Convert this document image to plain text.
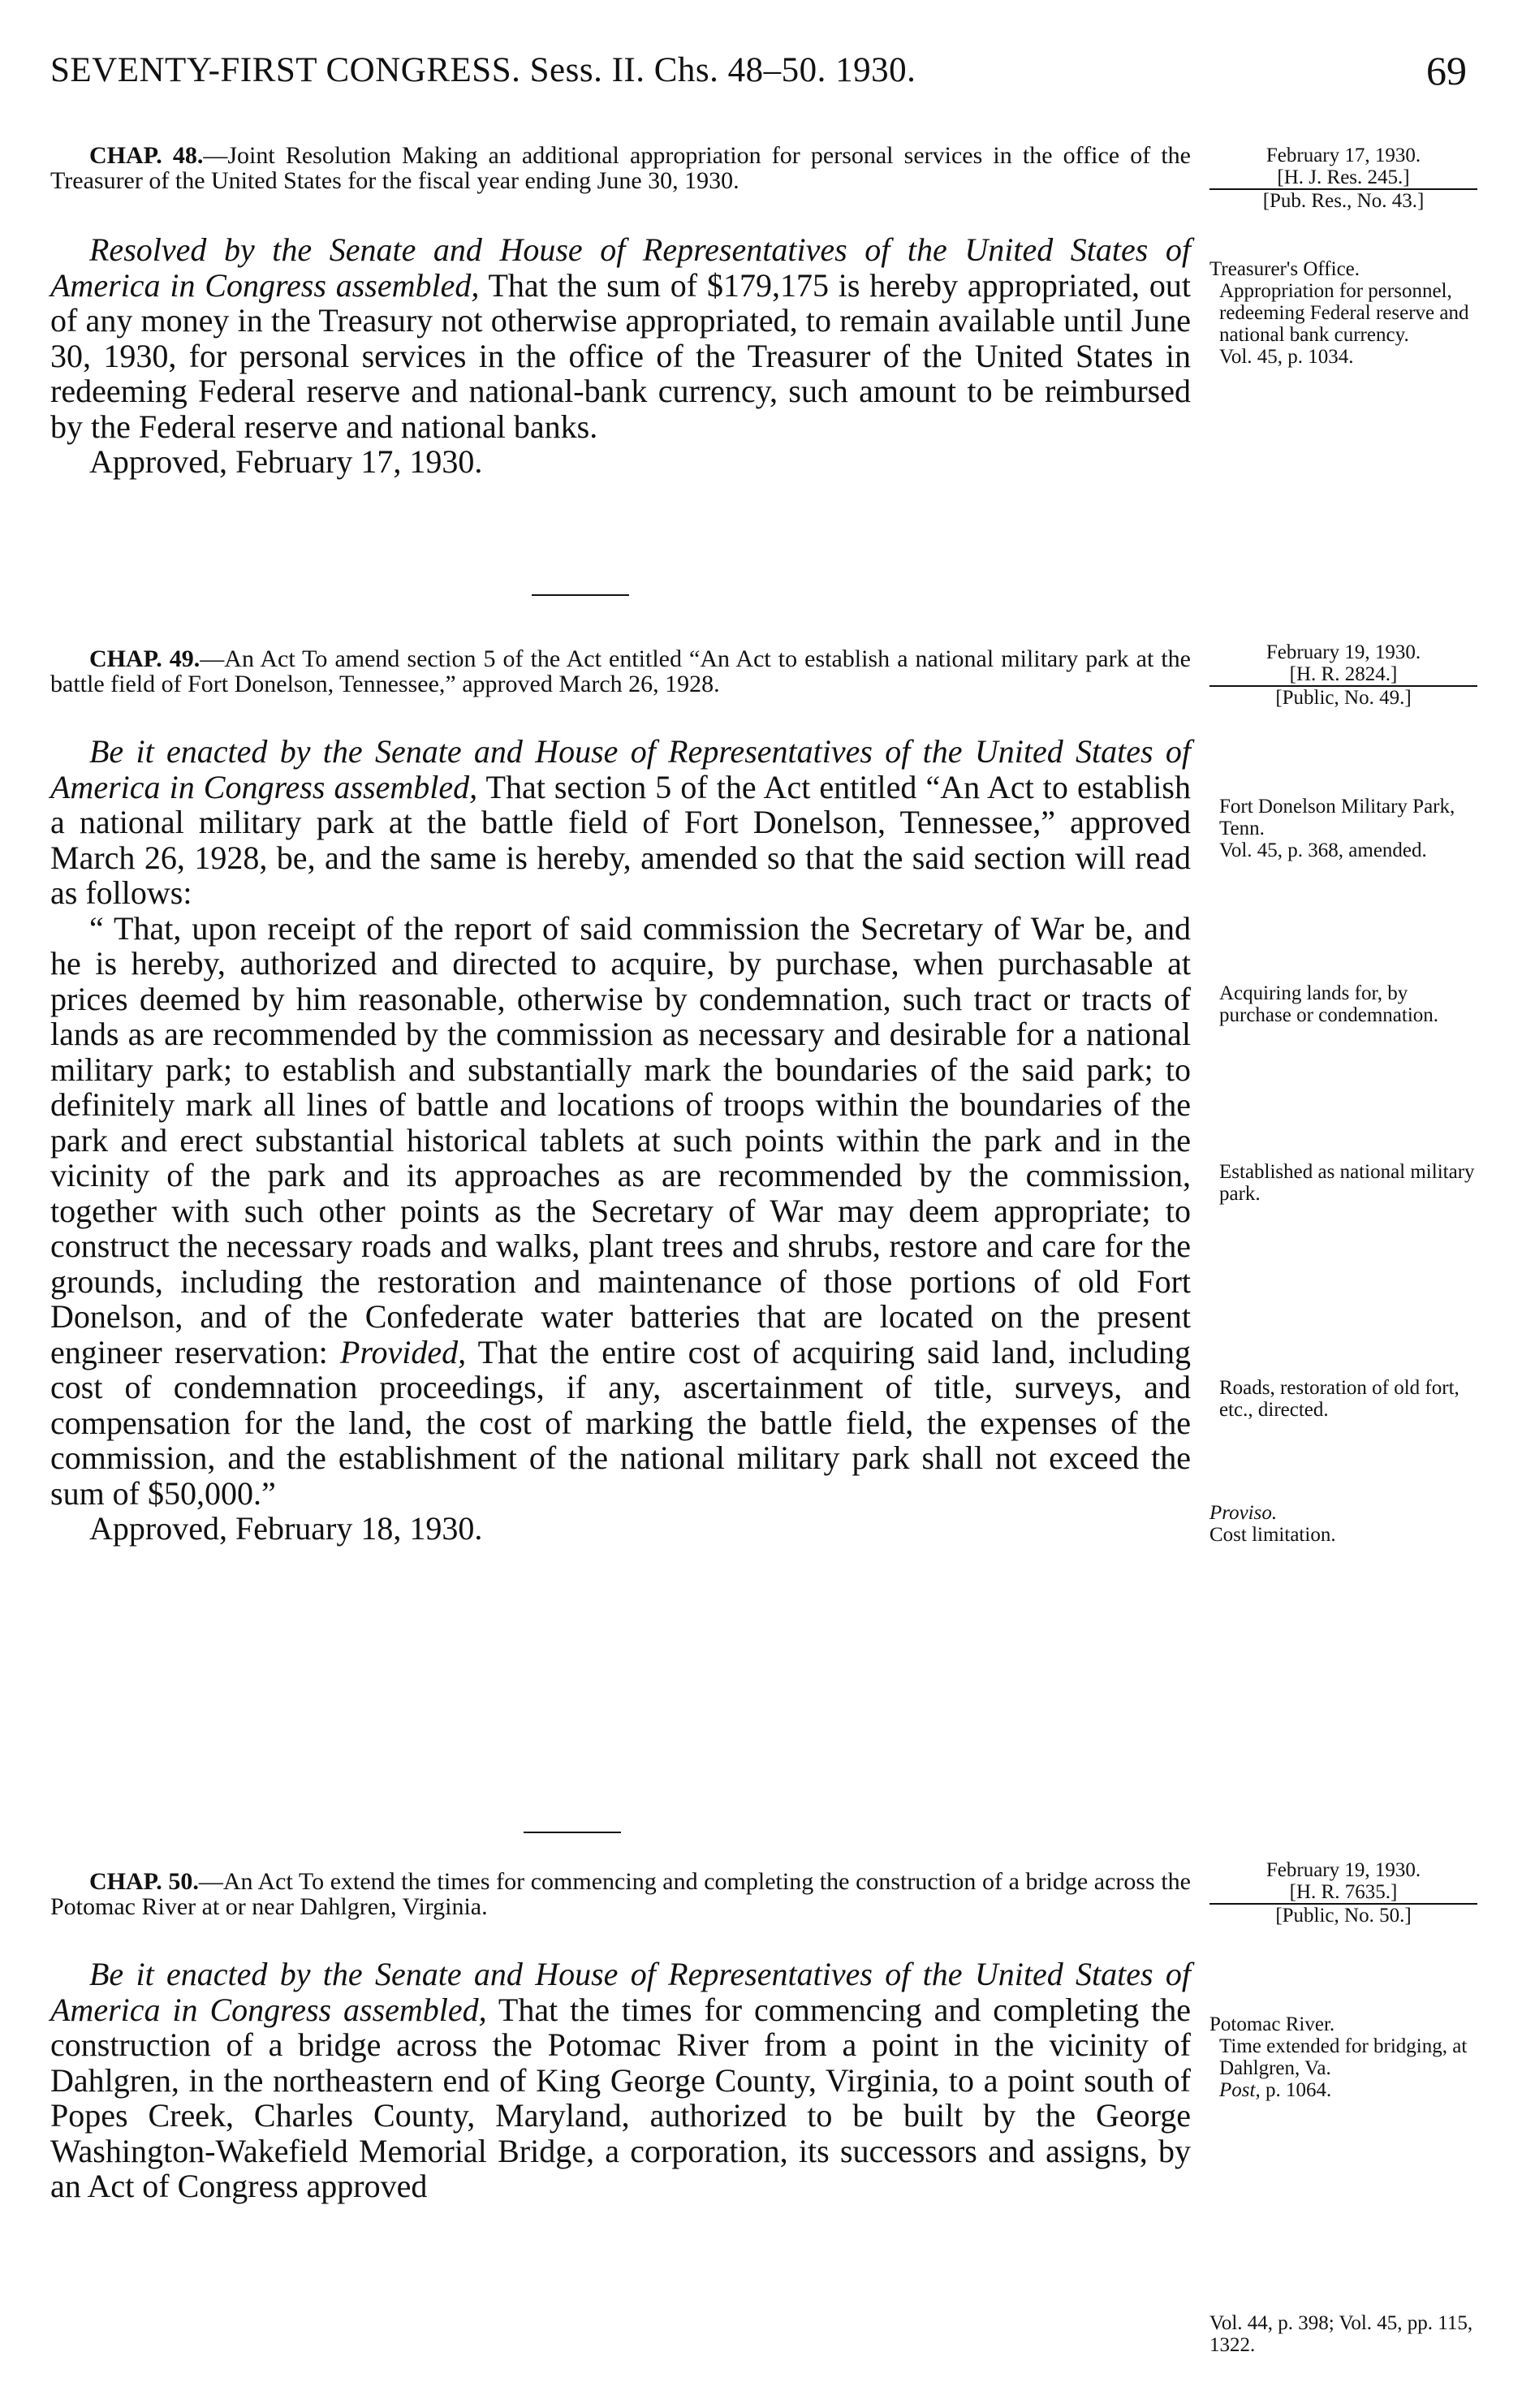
SEVENTY-FIRST CONGRESS. Sess. II. Chs. 48–50. 1930.	69

CHAP. 48.—Joint Resolution Making an additional appropriation for personal services in the office of the Treasurer of the United States for the fiscal year ending June 30, 1930.

Resolved by the Senate and House of Representatives of the United States of America in Congress assembled, That the sum of $179,175 is hereby appropriated, out of any money in the Treasury not otherwise appropriated, to remain available until June 30, 1930, for personal services in the office of the Treasurer of the United States in redeeming Federal reserve and national-bank currency, such amount to be reimbursed by the Federal reserve and national banks.

Approved, February 17, 1930.

February 17, 1930.

[H. J. Res. 245.]

[Pub. Res., No. 43.]

Treasurer's Office.

Appropriation for personnel, redeeming Federal reserve and national bank currency.

Vol. 45, p. 1034.

CHAP. 49.—An Act To amend section 5 of the Act entitled “An Act to establish a national military park at the battle field of Fort Donelson, Tennessee,” approved March 26, 1928.

Be it enacted by the Senate and House of Representatives of the United States of America in Congress assembled, That section 5 of the Act entitled “An Act to establish a national military park at the battle field of Fort Donelson, Tennessee,” approved March 26, 1928, be, and the same is hereby, amended so that the said section will read as follows:

“ That, upon receipt of the report of said commission the Secretary of War be, and he is hereby, authorized and directed to acquire, by purchase, when purchasable at prices deemed by him reasonable, otherwise by condemnation, such tract or tracts of lands as are recommended by the commission as necessary and desirable for a national military park; to establish and substantially mark the boundaries of the said park; to definitely mark all lines of battle and locations of troops within the boundaries of the park and erect substantial historical tablets at such points within the park and in the vicinity of the park and its approaches as are recommended by the commission, together with such other points as the Secretary of War may deem appropriate; to construct the necessary roads and walks, plant trees and shrubs, restore and care for the grounds, including the restoration and maintenance of those portions of old Fort Donelson, and of the Confederate water batteries that are located on the present engineer reservation: Provided, That the entire cost of acquiring said land, including cost of condemnation proceedings, if any, ascertainment of title, surveys, and compensation for the land, the cost of marking the battle field, the expenses of the commission, and the establishment of the national military park shall not exceed the sum of $50,000.”

Approved, February 18, 1930.

February 19, 1930.

[H. R. 2824.]

[Public, No. 49.]

Fort Donelson Military Park, Tenn.

Vol. 45, p. 368, amended.

Acquiring lands for, by purchase or condemnation.

Established as national military park.

Roads, restoration of old fort, etc., directed.

Proviso.

Cost limitation.

CHAP. 50.—An Act To extend the times for commencing and completing the construction of a bridge across the Potomac River at or near Dahlgren, Virginia.

Be it enacted by the Senate and House of Representatives of the United States of America in Congress assembled, That the times for commencing and completing the construction of a bridge across the Potomac River from a point in the vicinity of Dahlgren, in the northeastern end of King George County, Virginia, to a point south of Popes Creek, Charles County, Maryland, authorized to be built by the George Washington-Wakefield Memorial Bridge, a corporation, its successors and assigns, by an Act of Congress approved

February 19, 1930.

[H. R. 7635.]

[Public, No. 50.]

Potomac River.

Time extended for bridging, at Dahlgren, Va.

Post, p. 1064.

Vol. 44, p. 398; Vol. 45, pp. 115, 1322.
